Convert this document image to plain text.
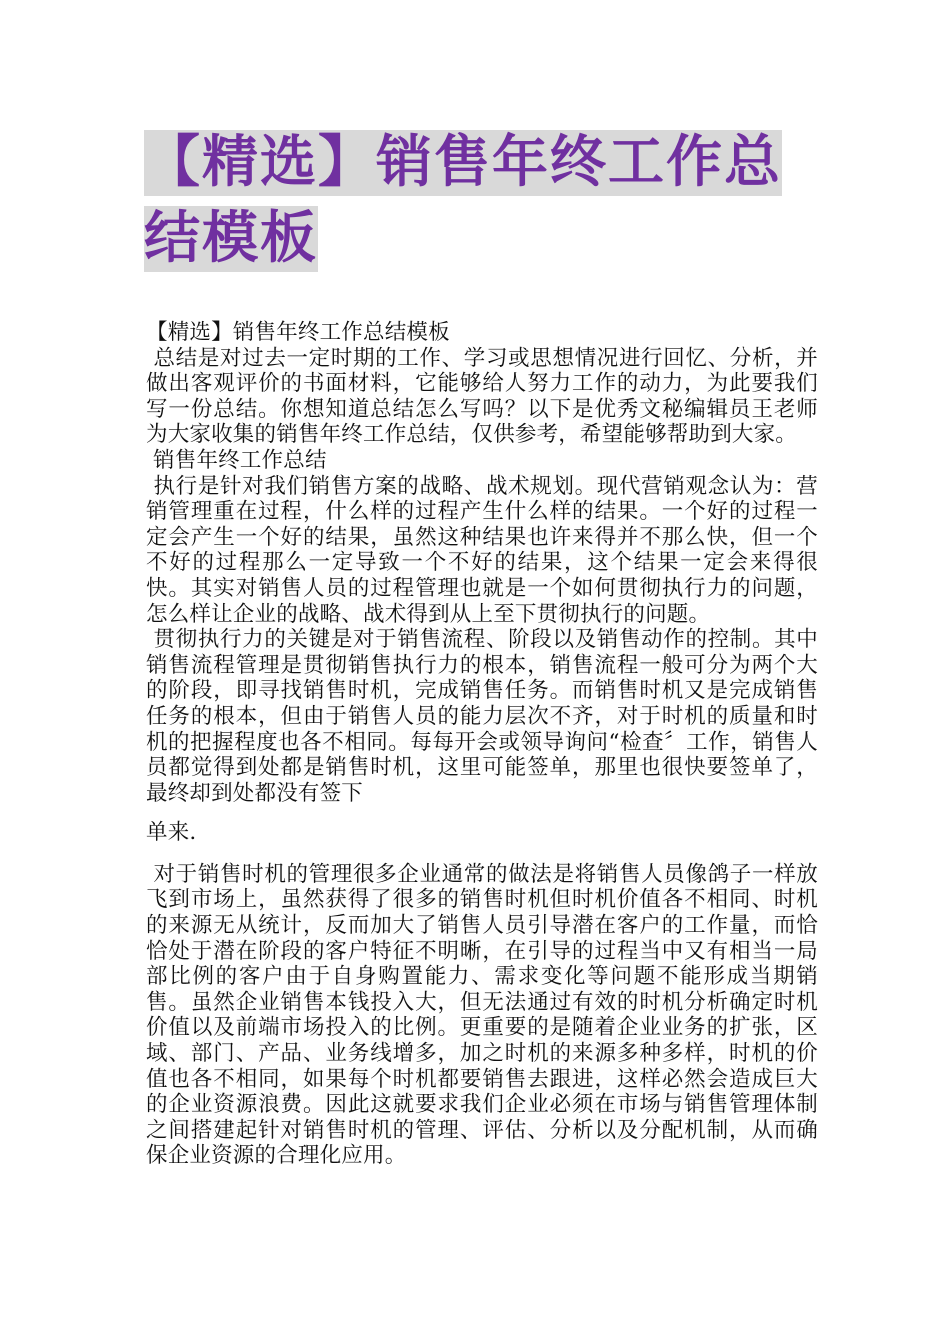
【精选】销售年终工作总
结模板

【精选】销售年终工作总结模板

总结是对过去一定时期的工作、学习或思想情况进行回忆、分析，并做出客观评价的书面材料，它能够给人努力工作的动力，为此要我们写一份总结。你想知道总结怎么写吗？以下是优秀文秘编辑员王老师为大家收集的销售年终工作总结，仅供参考，希望能够帮助到大家。

销售年终工作总结

执行是针对我们销售方案的战略、战术规划。现代营销观念认为：营销管理重在过程，什么样的过程产生什么样的结果。一个好的过程一定会产生一个好的结果，虽然这种结果也许来得并不那么快，但一个不好的过程那么一定导致一个不好的结果，这个结果一定会来得很快。其实对销售人员的过程管理也就是一个如何贯彻执行力的问题，怎么样让企业的战略、战术得到从上至下贯彻执行的问题。

贯彻执行力的关键是对于销售流程、阶段以及销售动作的控制。其中销售流程管理是贯彻销售执行力的根本，销售流程一般可分为两个大的阶段，即寻找销售时机，完成销售任务。而销售时机又是完成销售任务的根本，但由于销售人员的能力层次不齐，对于时机的质量和时机的把握程度也各不相同。每每开会或领导询问“检查〞工作，销售人员都觉得到处都是销售时机，这里可能签单，那里也很快要签单了，最终却到处都没有签下

单来.

对于销售时机的管理很多企业通常的做法是将销售人员像鸽子一样放飞到市场上，虽然获得了很多的销售时机但时机价值各不相同、时机的来源无从统计，反而加大了销售人员引导潜在客户的工作量，而恰恰处于潜在阶段的客户特征不明晰，在引导的过程当中又有相当一局部比例的客户由于自身购置能力、需求变化等问题不能形成当期销售。虽然企业销售本钱投入大，但无法通过有效的时机分析确定时机价值以及前端市场投入的比例。更重要的是随着企业业务的扩张，区域、部门、产品、业务线增多，加之时机的来源多种多样，时机的价值也各不相同，如果每个时机都要销售去跟进，这样必然会造成巨大的企业资源浪费。因此这就要求我们企业必须在市场与销售管理体制之间搭建起针对销售时机的管理、评估、分析以及分配机制，从而确保企业资源的合理化应用。
